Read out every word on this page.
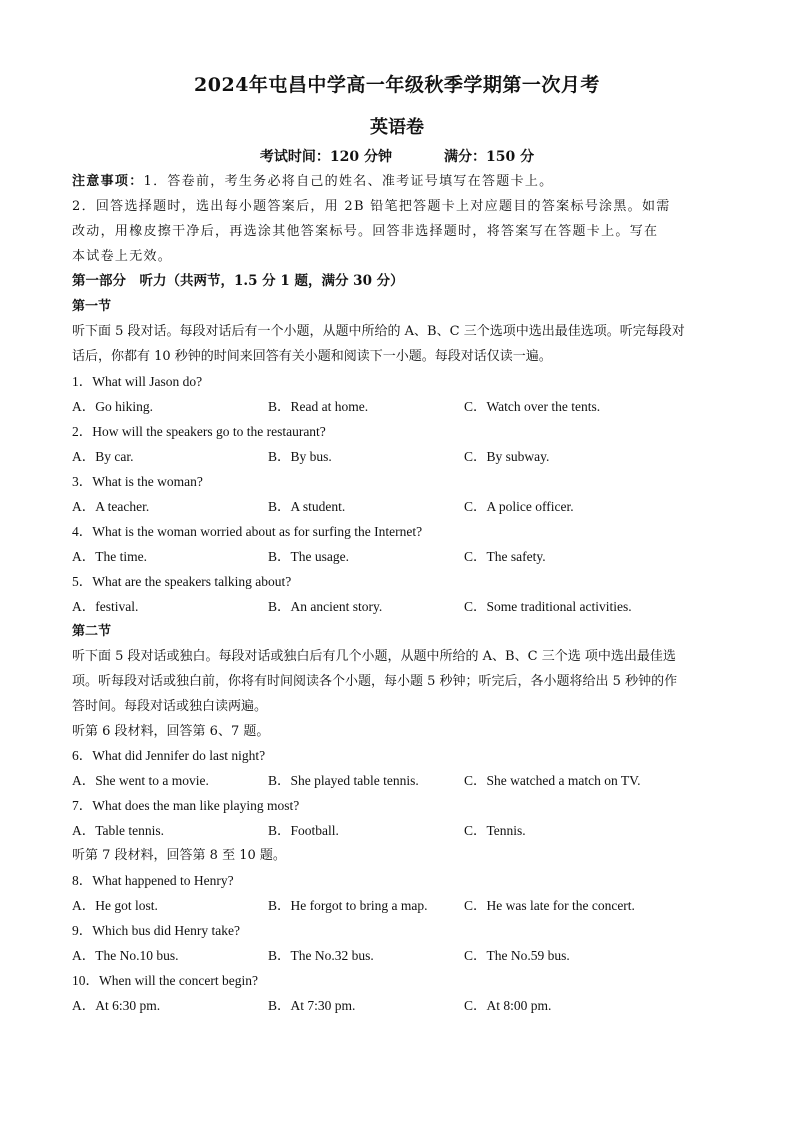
2024年屯昌中学高一年级秋季学期第一次月考
英语卷
考试时间：120 分钟	满分：150 分
注意事项：1．答卷前，考生务必将自己的姓名、准考证号填写在答题卡上。
2．回答选择题时，选出每小题答案后，用 2B 铅笔把答题卡上对应题目的答案标号涂黑。如需
改动，用橡皮擦干净后，再选涂其他答案标号。回答非选择题时，将答案写在答题卡上。写在
本试卷上无效。
第一部分　听力（共两节，1.5 分 1 题，满分 30 分）
第一节
听下面 5 段对话。每段对话后有一个小题，从题中所给的 A、B、C 三个选项中选出最佳选项。听完每段对
话后，你都有 10 秒钟的时间来回答有关小题和阅读下一小题。每段对话仅读一遍。
1．What will Jason do?
A．Go hiking.	B．Read at home.	C．Watch over the tents.
2．How will the speakers go to the restaurant?
A．By car.	B．By bus.	C．By subway.
3．What is the woman?
A．A teacher.	B．A student.	C．A police officer.
4．What is the woman worried about as for surfing the Internet?
A．The time.	B．The usage.	C．The safety.
5．What are the speakers talking about?
A．festival.	B．An ancient story.	C．Some traditional activities.
第二节
听下面 5 段对话或独白。每段对话或独白后有几个小题，从题中所给的 A、B、C 三个选 项中选出最佳选
项。听每段对话或独白前，你将有时间阅读各个小题，每小题 5 秒钟；听完后，各小题将给出 5 秒钟的作
答时间。每段对话或独白读两遍。
听第 6 段材料，回答第 6、7 题。
6．What did Jennifer do last night?
A．She went to a movie.	B．She played table tennis.	C．She watched a match on TV.
7．What does the man like playing most?
A．Table tennis.	B．Football.	C．Tennis.
听第 7 段材料，回答第 8 至 10 题。
8．What happened to Henry?
A．He got lost.	B．He forgot to bring a map.	C．He was late for the concert.
9．Which bus did Henry take?
A．The No.10 bus.	B．The No.32 bus.	C．The No.59 bus.
10．When will the concert begin?
A．At 6:30 pm.	B．At 7:30 pm.	C．At 8:00 pm.
